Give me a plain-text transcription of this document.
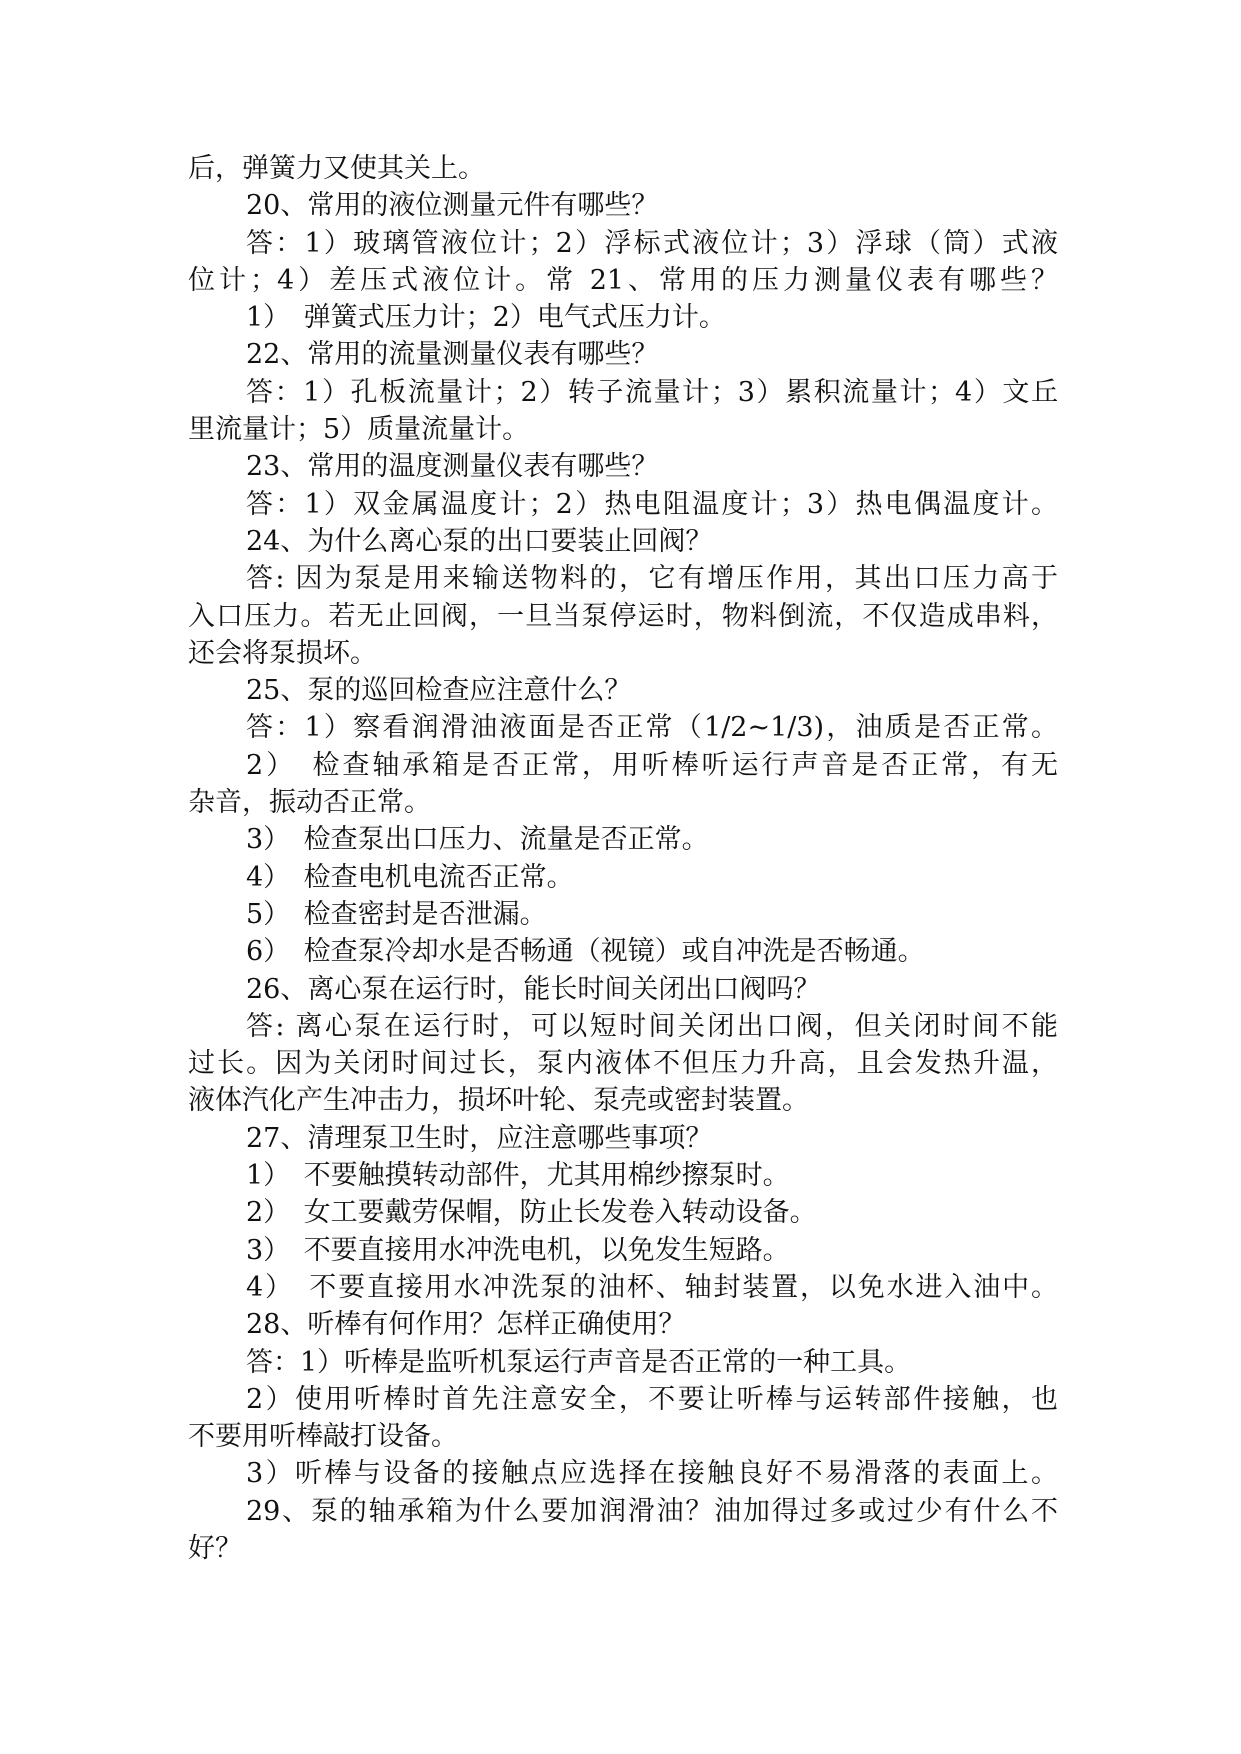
后，弹簧力又使其关上。
20、常用的液位测量元件有哪些？
答：1）玻璃管液位计；2）浮标式液位计；3）浮球（筒）式液
位计；4）差压式液位计。常 21、常用的压力测量仪表有哪些？
1）　弹簧式压力计；2）电气式压力计。
22、常用的流量测量仪表有哪些？
答：1）孔板流量计；2）转子流量计；3）累积流量计；4）文丘
里流量计；5）质量流量计。
23、常用的温度测量仪表有哪些？
答：1）双金属温度计；2）热电阻温度计；3）热电偶温度计。
24、为什么离心泵的出口要装止回阀？
答: 因为泵是用来输送物料的，它有增压作用，其出口压力高于
入口压力。若无止回阀，一旦当泵停运时，物料倒流，不仅造成串料，
还会将泵损坏。
25、泵的巡回检查应注意什么？
答：1）察看润滑油液面是否正常（1/2~1/3)，油质是否正常。
2）　检查轴承箱是否正常，用听棒听运行声音是否正常，有无
杂音，振动否正常。
3）　检查泵出口压力、流量是否正常。
4）　检查电机电流否正常。
5）　检查密封是否泄漏。
6）　检查泵冷却水是否畅通（视镜）或自冲洗是否畅通。
26、离心泵在运行时，能长时间关闭出口阀吗？
答: 离心泵在运行时，可以短时间关闭出口阀，但关闭时间不能
过长。因为关闭时间过长，泵内液体不但压力升高，且会发热升温，
液体汽化产生冲击力，损坏叶轮、泵壳或密封装置。
27、清理泵卫生时，应注意哪些事项？
1）　不要触摸转动部件，尤其用棉纱擦泵时。
2）　女工要戴劳保帽，防止长发卷入转动设备。
3）　不要直接用水冲洗电机，以免发生短路。
4）　不要直接用水冲洗泵的油杯、轴封装置，以免水进入油中。
28、听棒有何作用？怎样正确使用？
答：1）听棒是监听机泵运行声音是否正常的一种工具。
2）使用听棒时首先注意安全，不要让听棒与运转部件接触，也
不要用听棒敲打设备。
3）听棒与设备的接触点应选择在接触良好不易滑落的表面上。
29、泵的轴承箱为什么要加润滑油？油加得过多或过少有什么不
好？
